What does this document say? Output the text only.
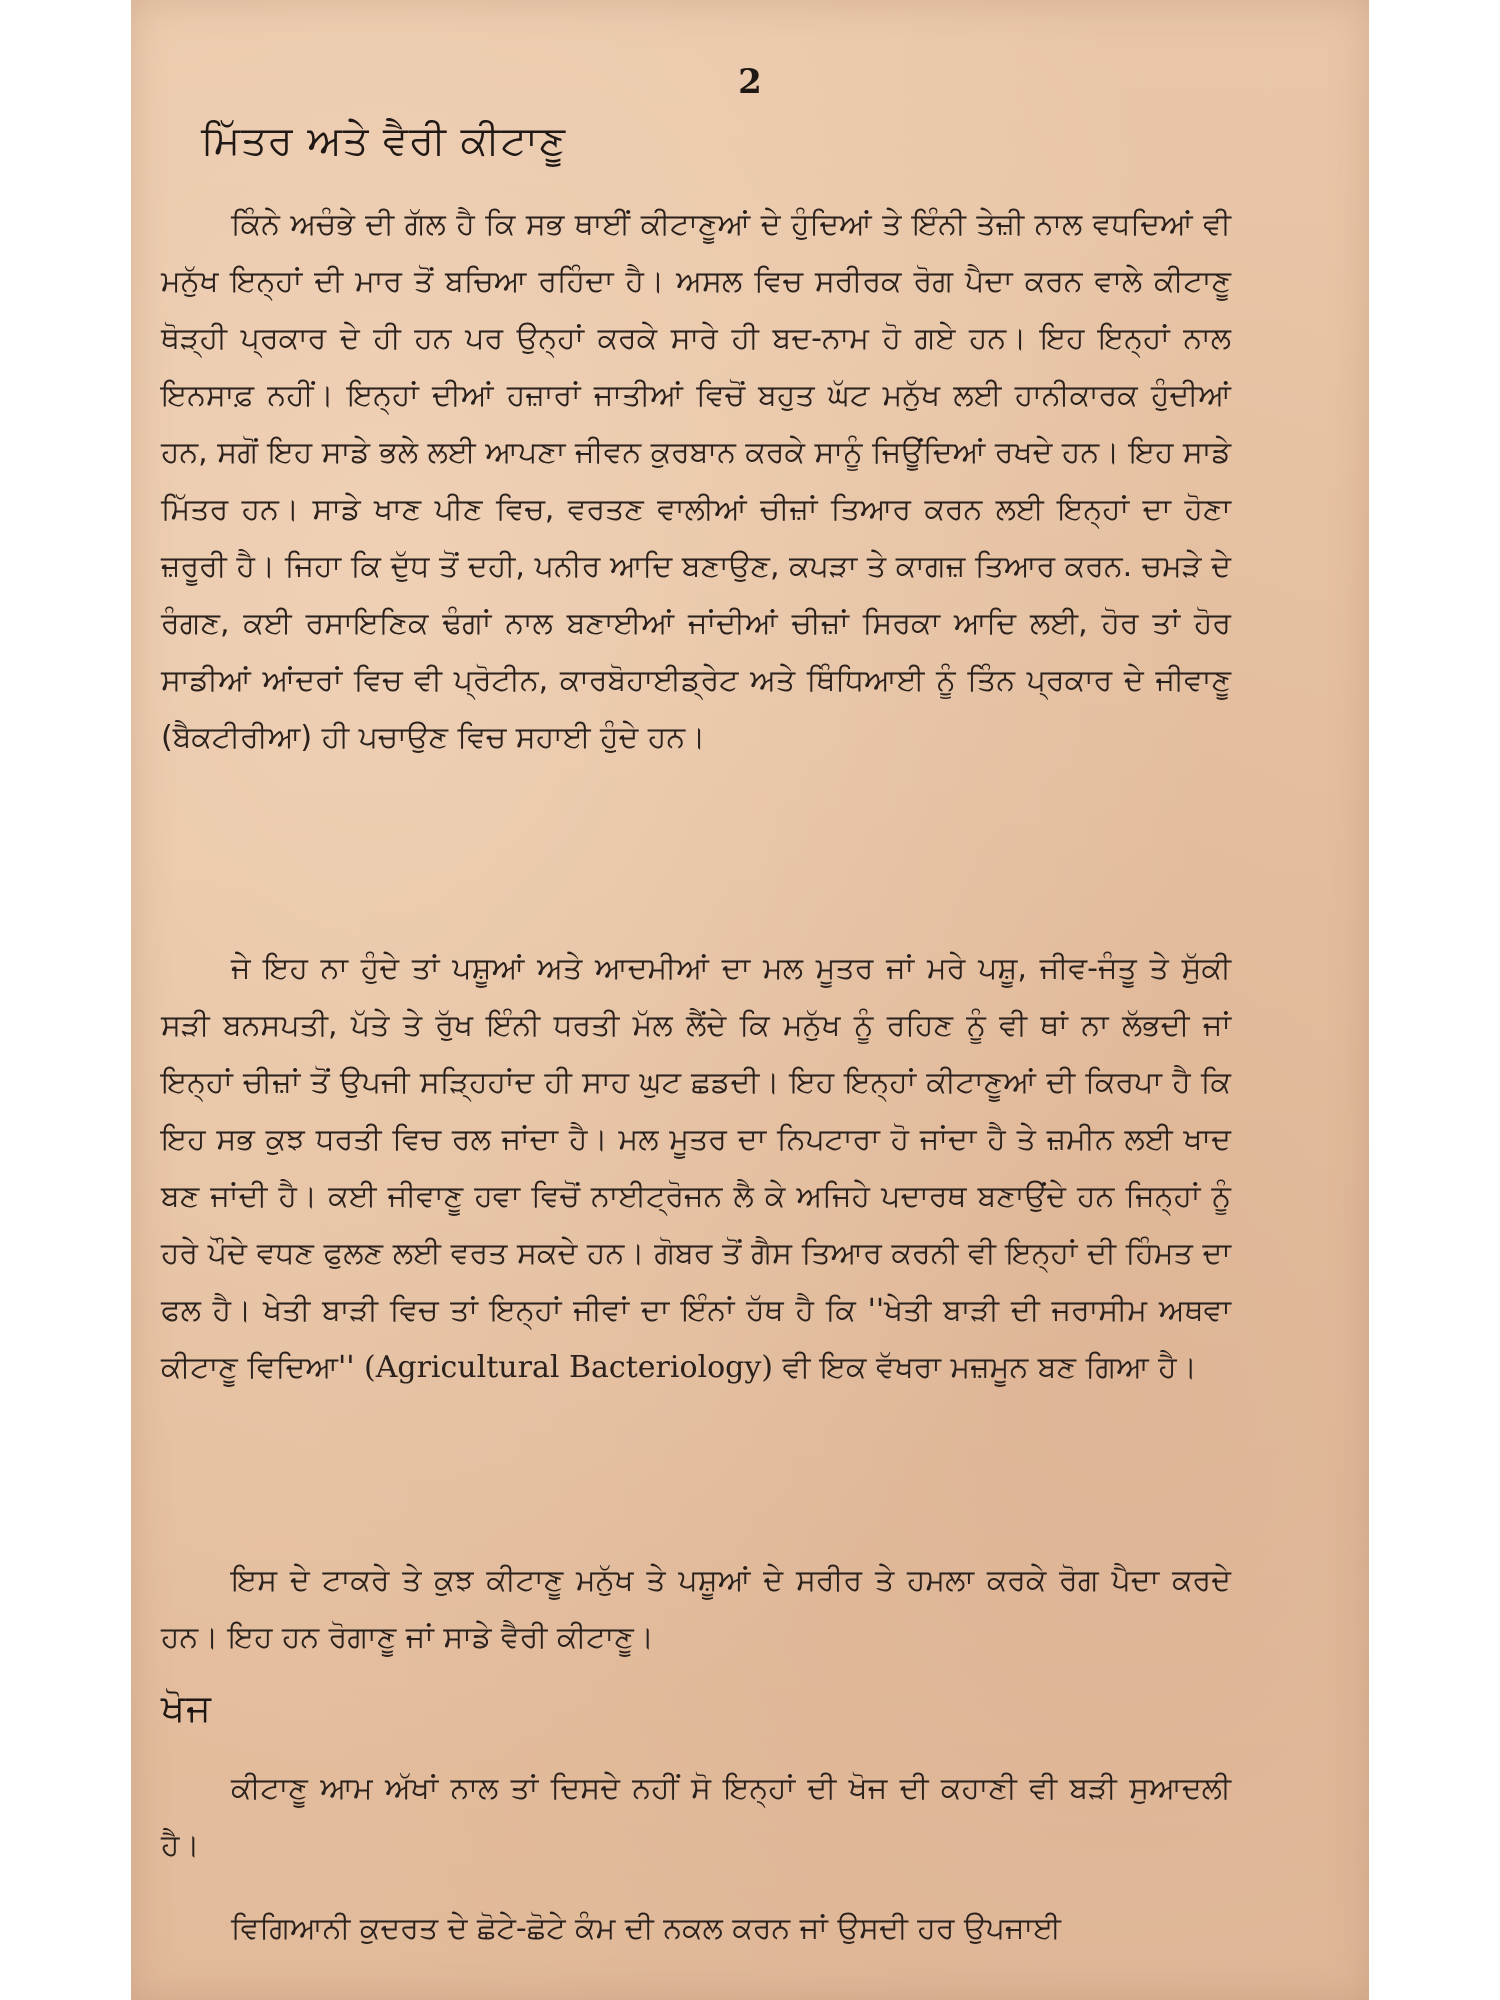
2
ਮਿੱਤਰ ਅਤੇ ਵੈਰੀ ਕੀਟਾਣੂ
ਕਿੰਨੇ ਅਚੰਭੇ ਦੀ ਗੱਲ ਹੈ ਕਿ ਸਭ ਥਾਈਂ ਕੀਟਾਣੂਆਂ ਦੇ ਹੁੰਦਿਆਂ ਤੇ ਇੰਨੀ ਤੇਜ਼ੀ ਨਾਲ ਵਧਦਿਆਂ ਵੀ ਮਨੁੱਖ ਇਨ੍ਹਾਂ ਦੀ ਮਾਰ ਤੋਂ ਬਚਿਆ ਰਹਿੰਦਾ ਹੈ। ਅਸਲ ਵਿਚ ਸਰੀਰਕ ਰੋਗ ਪੈਦਾ ਕਰਨ ਵਾਲੇ ਕੀਟਾਣੂ ਥੋੜ੍ਹੀ ਪ੍ਰਕਾਰ ਦੇ ਹੀ ਹਨ ਪਰ ਉਨ੍ਹਾਂ ਕਰਕੇ ਸਾਰੇ ਹੀ ਬਦ-ਨਾਮ ਹੋ ਗਏ ਹਨ। ਇਹ ਇਨ੍ਹਾਂ ਨਾਲ ਇਨਸਾਫ਼ ਨਹੀਂ। ਇਨ੍ਹਾਂ ਦੀਆਂ ਹਜ਼ਾਰਾਂ ਜਾਤੀਆਂ ਵਿਚੋਂ ਬਹੁਤ ਘੱਟ ਮਨੁੱਖ ਲਈ ਹਾਨੀਕਾਰਕ ਹੁੰਦੀਆਂ ਹਨ, ਸਗੋਂ ਇਹ ਸਾਡੇ ਭਲੇ ਲਈ ਆਪਣਾ ਜੀਵਨ ਕੁਰਬਾਨ ਕਰਕੇ ਸਾਨੂੰ ਜਿਊਂਦਿਆਂ ਰਖਦੇ ਹਨ। ਇਹ ਸਾਡੇ ਮਿੱਤਰ ਹਨ। ਸਾਡੇ ਖਾਣ ਪੀਣ ਵਿਚ, ਵਰਤਣ ਵਾਲੀਆਂ ਚੀਜ਼ਾਂ ਤਿਆਰ ਕਰਨ ਲਈ ਇਨ੍ਹਾਂ ਦਾ ਹੋਣਾ ਜ਼ਰੂਰੀ ਹੈ। ਜਿਹਾ ਕਿ ਦੁੱਧ ਤੋਂ ਦਹੀ, ਪਨੀਰ ਆਦਿ ਬਣਾਉਣ, ਕਪੜਾ ਤੇ ਕਾਗਜ਼ ਤਿਆਰ ਕਰਨ. ਚਮੜੇ ਦੇ ਰੰਗਣ, ਕਈ ਰਸਾਇਣਿਕ ਢੰਗਾਂ ਨਾਲ ਬਣਾਈਆਂ ਜਾਂਦੀਆਂ ਚੀਜ਼ਾਂ ਸਿਰਕਾ ਆਦਿ ਲਈ, ਹੋਰ ਤਾਂ ਹੋਰ ਸਾਡੀਆਂ ਆਂਦਰਾਂ ਵਿਚ ਵੀ ਪ੍ਰੋਟੀਨ, ਕਾਰਬੋਹਾਈਡ੍ਰੇਟ ਅਤੇ ਥਿੰਧਿਆਈ ਨੂੰ ਤਿੰਨ ਪ੍ਰਕਾਰ ਦੇ ਜੀਵਾਣੂ (ਬੈਕਟੀਰੀਆ) ਹੀ ਪਚਾਉਣ ਵਿਚ ਸਹਾਈ ਹੁੰਦੇ ਹਨ।
ਜੇ ਇਹ ਨਾ ਹੁੰਦੇ ਤਾਂ ਪਸ਼ੂਆਂ ਅਤੇ ਆਦਮੀਆਂ ਦਾ ਮਲ ਮੂਤਰ ਜਾਂ ਮਰੇ ਪਸ਼ੂ, ਜੀਵ-ਜੰਤੂ ਤੇ ਸੁੱਕੀ ਸੜੀ ਬਨਸਪਤੀ, ਪੱਤੇ ਤੇ ਰੁੱਖ ਇੰਨੀ ਧਰਤੀ ਮੱਲ ਲੈਂਦੇ ਕਿ ਮਨੁੱਖ ਨੂੰ ਰਹਿਣ ਨੂੰ ਵੀ ਥਾਂ ਨਾ ਲੱਭਦੀ ਜਾਂ ਇਨ੍ਹਾਂ ਚੀਜ਼ਾਂ ਤੋਂ ਉਪਜੀ ਸੜ੍ਹਿਹਾਂਦ ਹੀ ਸਾਹ ਘੁਟ ਛਡਦੀ। ਇਹ ਇਨ੍ਹਾਂ ਕੀਟਾਣੂਆਂ ਦੀ ਕਿਰਪਾ ਹੈ ਕਿ ਇਹ ਸਭ ਕੁਝ ਧਰਤੀ ਵਿਚ ਰਲ ਜਾਂਦਾ ਹੈ। ਮਲ ਮੂਤਰ ਦਾ ਨਿਪਟਾਰਾ ਹੋ ਜਾਂਦਾ ਹੈ ਤੇ ਜ਼ਮੀਨ ਲਈ ਖਾਦ ਬਣ ਜਾਂਦੀ ਹੈ। ਕਈ ਜੀਵਾਣੂ ਹਵਾ ਵਿਚੋਂ ਨਾਈਟ੍ਰੋਜਨ ਲੈ ਕੇ ਅਜਿਹੇ ਪਦਾਰਥ ਬਣਾਉਂਦੇ ਹਨ ਜਿਨ੍ਹਾਂ ਨੂੰ ਹਰੇ ਪੌਦੇ ਵਧਣ ਫੁਲਣ ਲਈ ਵਰਤ ਸਕਦੇ ਹਨ। ਗੋਬਰ ਤੋਂ ਗੈਸ ਤਿਆਰ ਕਰਨੀ ਵੀ ਇਨ੍ਹਾਂ ਦੀ ਹਿੰਮਤ ਦਾ ਫਲ ਹੈ। ਖੇਤੀ ਬਾੜੀ ਵਿਚ ਤਾਂ ਇਨ੍ਹਾਂ ਜੀਵਾਂ ਦਾ ਇੰਨਾਂ ਹੱਥ ਹੈ ਕਿ ''ਖੇਤੀ ਬਾੜੀ ਦੀ ਜਰਾਸੀਮ ਅਥਵਾ ਕੀਟਾਣੂ ਵਿਦਿਆ'' (Agricultural Bacteriology) ਵੀ ਇਕ ਵੱਖਰਾ ਮਜ਼ਮੂਨ ਬਣ ਗਿਆ ਹੈ।
ਇਸ ਦੇ ਟਾਕਰੇ ਤੇ ਕੁਝ ਕੀਟਾਣੂ ਮਨੁੱਖ ਤੇ ਪਸ਼ੂਆਂ ਦੇ ਸਰੀਰ ਤੇ ਹਮਲਾ ਕਰਕੇ ਰੋਗ ਪੈਦਾ ਕਰਦੇ ਹਨ। ਇਹ ਹਨ ਰੋਗਾਣੂ ਜਾਂ ਸਾਡੇ ਵੈਰੀ ਕੀਟਾਣੂ।
ਖੋਜ
ਕੀਟਾਣੂ ਆਮ ਅੱਖਾਂ ਨਾਲ ਤਾਂ ਦਿਸਦੇ ਨਹੀਂ ਸੋ ਇਨ੍ਹਾਂ ਦੀ ਖੋਜ ਦੀ ਕਹਾਣੀ ਵੀ ਬੜੀ ਸੁਆਦਲੀ ਹੈ।
ਵਿਗਿਆਨੀ ਕੁਦਰਤ ਦੇ ਛੋਟੇ-ਛੋਟੇ ਕੰਮ ਦੀ ਨਕਲ ਕਰਨ ਜਾਂ ਉਸਦੀ ਹਰ ਉਪਜਾਈ
